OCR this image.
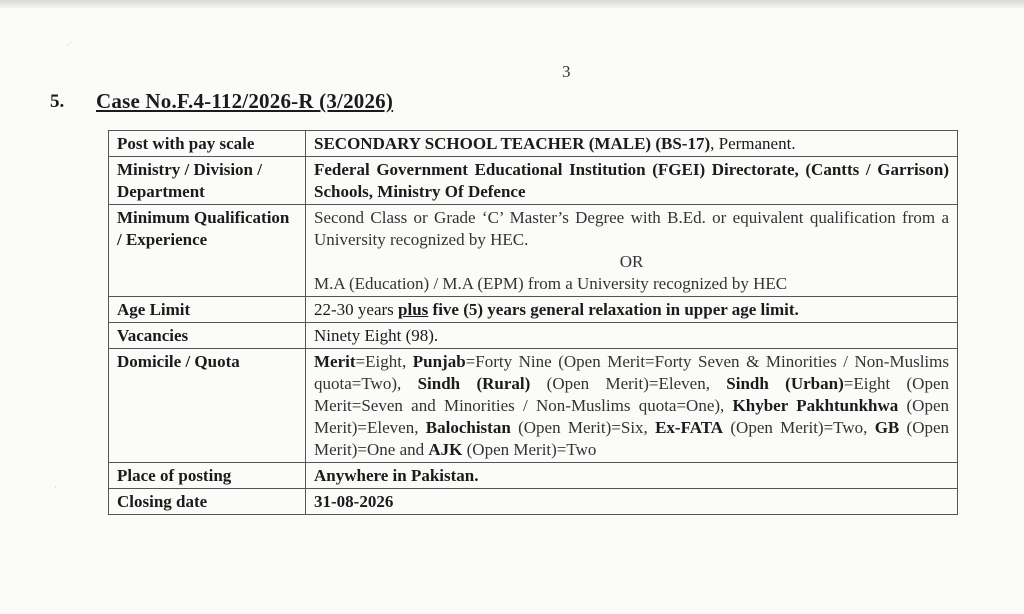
·˙
·
3
5. Case No.F.4-112/2026-R (3/2026)
Post with pay scale	SECONDARY SCHOOL TEACHER (MALE) (BS-17), Permanent.
Ministry / Division / Department	Federal Government Educational Institution (FGEI) Directorate, (Cantts / Garrison) Schools, Ministry Of Defence
Minimum Qualification / Experience	Second Class or Grade ‘C’ Master’s Degree with B.Ed. or equivalent qualification from a University recognized by HEC.
OR
M.A (Education) / M.A (EPM) from a University recognized by HEC

Age Limit	22-30 years plus five (5) years general relaxation in upper age limit.
Vacancies	Ninety Eight (98).
Domicile / Quota	Merit=Eight, Punjab=Forty Nine (Open Merit=Forty Seven & Minorities / Non-Muslims quota=Two), Sindh (Rural) (Open Merit)=Eleven, Sindh (Urban)=Eight (Open Merit=Seven and Minorities / Non-Muslims quota=One), Khyber Pakhtunkhwa (Open Merit)=Eleven, Balochistan (Open Merit)=Six, Ex-FATA (Open Merit)=Two, GB (Open Merit)=One and AJK (Open Merit)=Two
Place of posting	Anywhere in Pakistan.
Closing date	31-08-2026
